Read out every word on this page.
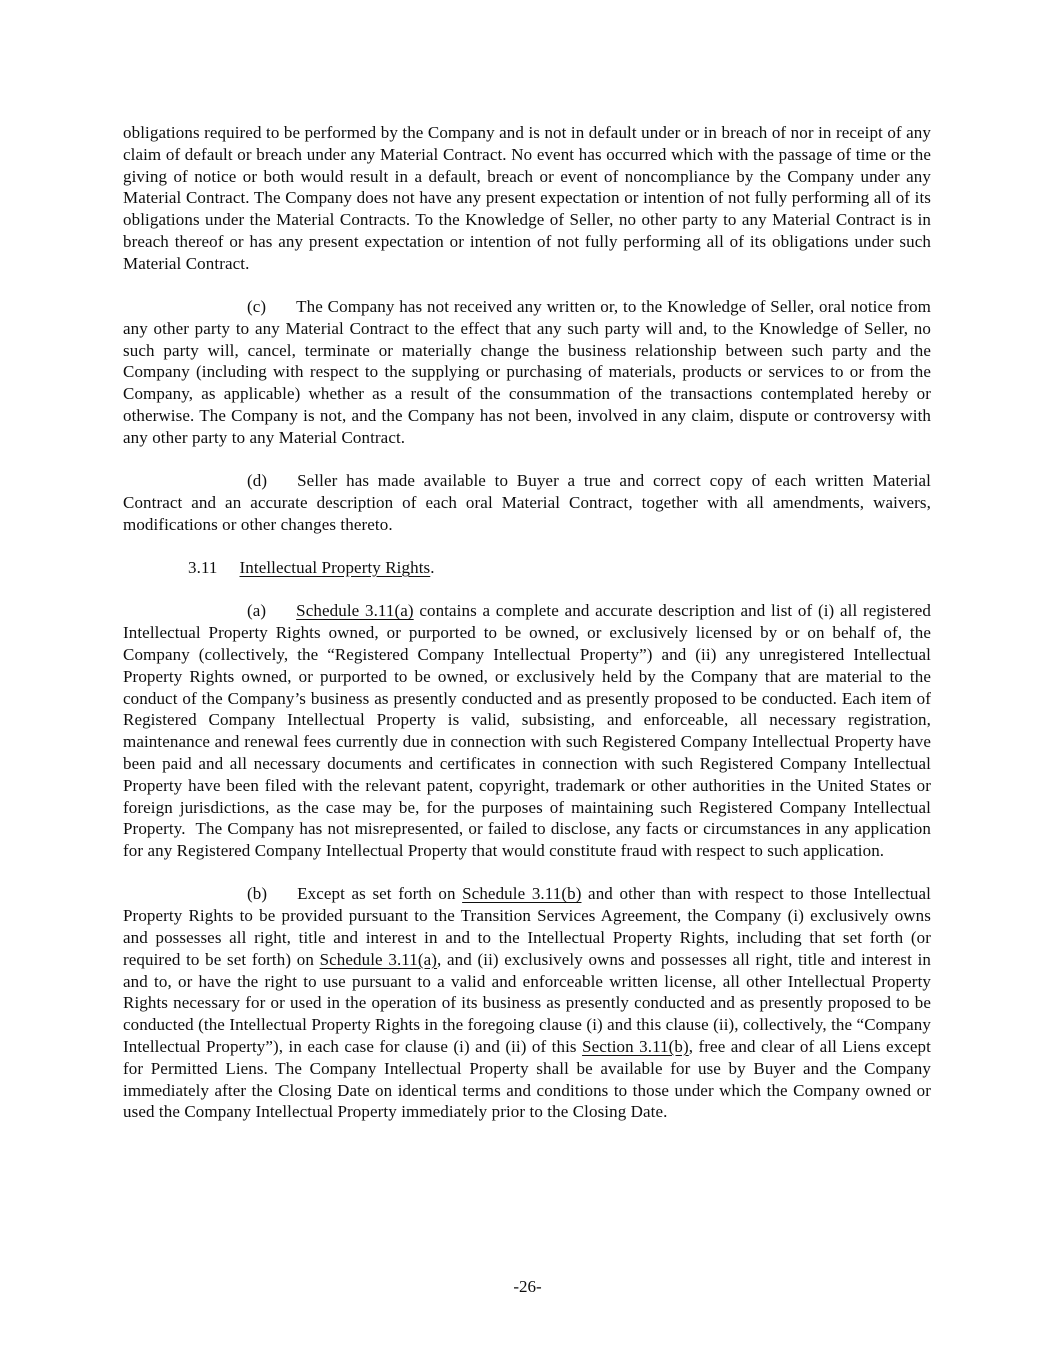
obligations required to be performed by the Company and is not in default under or in breach of nor in receipt of any claim of default or breach under any Material Contract. No event has occurred which with the passage of time or the giving of notice or both would result in a default, breach or event of noncompliance by the Company under any Material Contract. The Company does not have any present expectation or intention of not fully performing all of its obligations under the Material Contracts. To the Knowledge of Seller, no other party to any Material Contract is in breach thereof or has any present expectation or intention of not fully performing all of its obligations under such Material Contract.

(c) The Company has not received any written or, to the Knowledge of Seller, oral notice from any other party to any Material Contract to the effect that any such party will and, to the Knowledge of Seller, no such party will, cancel, terminate or materially change the business relationship between such party and the Company (including with respect to the supplying or purchasing of materials, products or services to or from the Company, as applicable) whether as a result of the consummation of the transactions contemplated hereby or otherwise. The Company is not, and the Company has not been, involved in any claim, dispute or controversy with any other party to any Material Contract.

(d) Seller has made available to Buyer a true and correct copy of each written Material Contract and an accurate description of each oral Material Contract, together with all amendments, waivers, modifications or other changes thereto.

3.11 Intellectual Property Rights.

(a) Schedule 3.11(a) contains a complete and accurate description and list of (i) all registered Intellectual Property Rights owned, or purported to be owned, or exclusively licensed by or on behalf of, the Company (collectively, the “Registered Company Intellectual Property”) and (ii) any unregistered Intellectual Property Rights owned, or purported to be owned, or exclusively held by the Company that are material to the conduct of the Company’s business as presently conducted and as presently proposed to be conducted. Each item of Registered Company Intellectual Property is valid, subsisting, and enforceable, all necessary registration, maintenance and renewal fees currently due in connection with such Registered Company Intellectual Property have been paid and all necessary documents and certificates in connection with such Registered Company Intellectual Property have been filed with the relevant patent, copyright, trademark or other authorities in the United States or foreign jurisdictions, as the case may be, for the purposes of maintaining such Registered Company Intellectual Property.  The Company has not misrepresented, or failed to disclose, any facts or circumstances in any application for any Registered Company Intellectual Property that would constitute fraud with respect to such application.

(b) Except as set forth on Schedule 3.11(b) and other than with respect to those Intellectual Property Rights to be provided pursuant to the Transition Services Agreement, the Company (i) exclusively owns and possesses all right, title and interest in and to the Intellectual Property Rights, including that set forth (or required to be set forth) on Schedule 3.11(a), and (ii) exclusively owns and possesses all right, title and interest in and to, or have the right to use pursuant to a valid and enforceable written license, all other Intellectual Property Rights necessary for or used in the operation of its business as presently conducted and as presently proposed to be conducted (the Intellectual Property Rights in the foregoing clause (i) and this clause (ii), collectively, the “Company Intellectual Property”), in each case for clause (i) and (ii) of this Section 3.11(b), free and clear of all Liens except for Permitted Liens. The Company Intellectual Property shall be available for use by Buyer and the Company immediately after the Closing Date on identical terms and conditions to those under which the Company owned or used the Company Intellectual Property immediately prior to the Closing Date.

-26-
